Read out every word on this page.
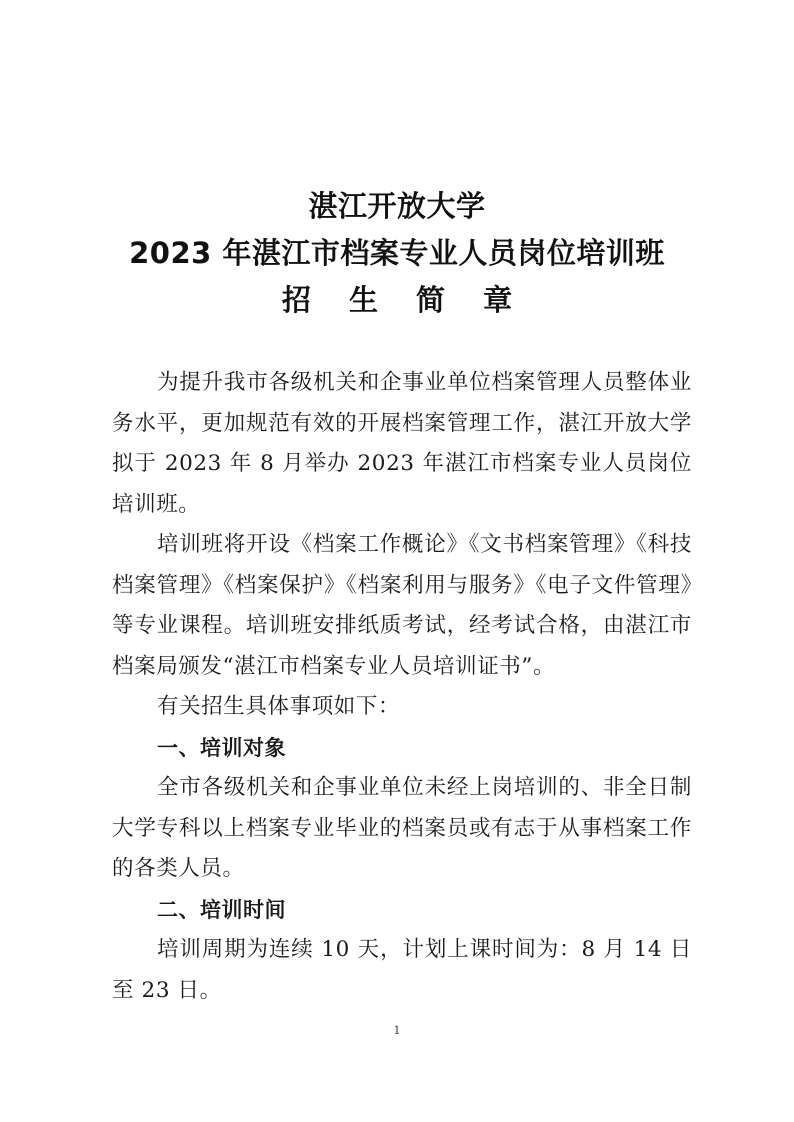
湛江开放大学
2023 年湛江市档案专业人员岗位培训班
招 生 简 章

为提升我市各级机关和企事业单位档案管理人员整体业务水平，更加规范有效的开展档案管理工作，湛江开放大学拟于 2023 年 8 月举办 2023 年湛江市档案专业人员岗位培训班。

培训班将开设《档案工作概论》《文书档案管理》《科技档案管理》《档案保护》《档案利用与服务》《电子文件管理》等专业课程。培训班安排纸质考试，经考试合格，由湛江市档案局颁发“湛江市档案专业人员培训证书”。

有关招生具体事项如下：

一、培训对象

全市各级机关和企事业单位未经上岗培训的、非全日制大学专科以上档案专业毕业的档案员或有志于从事档案工作的各类人员。

二、培训时间

培训周期为连续 10 天，计划上课时间为：8 月 14 日至 23 日。

1
